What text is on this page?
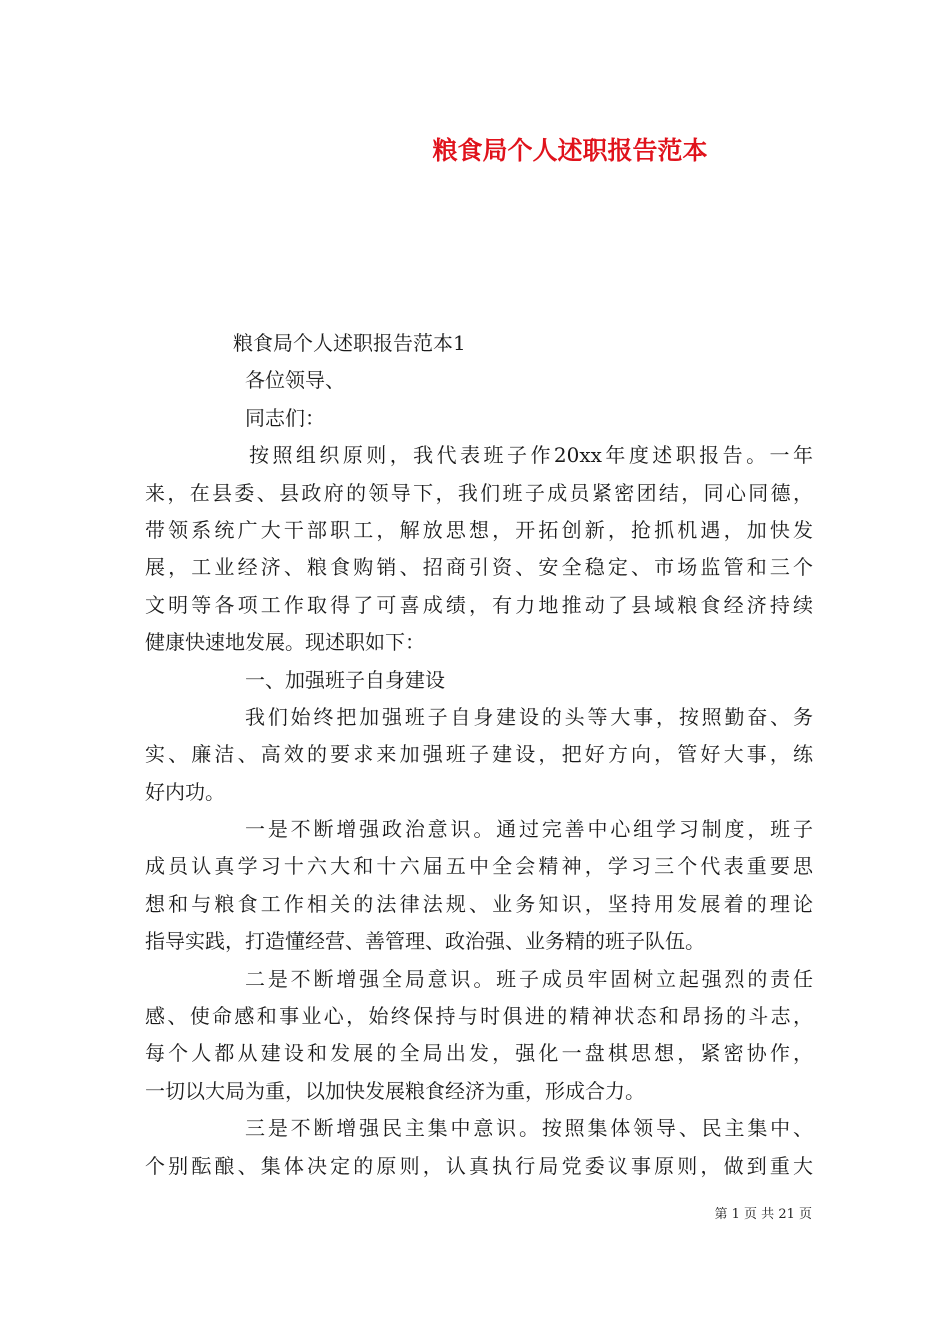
粮食局个人述职报告范本
粮食局个人述职报告范本1
各位领导、
同志们：
按照组织原则，我代表班子作20xx年度述职报告。一年
来，在县委、县政府的领导下，我们班子成员紧密团结，同心同德，
带领系统广大干部职工，解放思想，开拓创新，抢抓机遇，加快发
展，工业经济、粮食购销、招商引资、安全稳定、市场监管和三个
文明等各项工作取得了可喜成绩，有力地推动了县域粮食经济持续
健康快速地发展。现述职如下：
一、加强班子自身建设
我们始终把加强班子自身建设的头等大事，按照勤奋、务
实、廉洁、高效的要求来加强班子建设，把好方向，管好大事，练
好内功。
一是不断增强政治意识。通过完善中心组学习制度，班子
成员认真学习十六大和十六届五中全会精神，学习三个代表重要思
想和与粮食工作相关的法律法规、业务知识，坚持用发展着的理论
指导实践，打造懂经营、善管理、政治强、业务精的班子队伍。
二是不断增强全局意识。班子成员牢固树立起强烈的责任
感、使命感和事业心，始终保持与时俱进的精神状态和昂扬的斗志，
每个人都从建设和发展的全局出发，强化一盘棋思想，紧密协作，
一切以大局为重，以加快发展粮食经济为重，形成合力。
三是不断增强民主集中意识。按照集体领导、民主集中、
个别酝酿、集体决定的原则，认真执行局党委议事原则，做到重大
第 1 页 共 21 页
